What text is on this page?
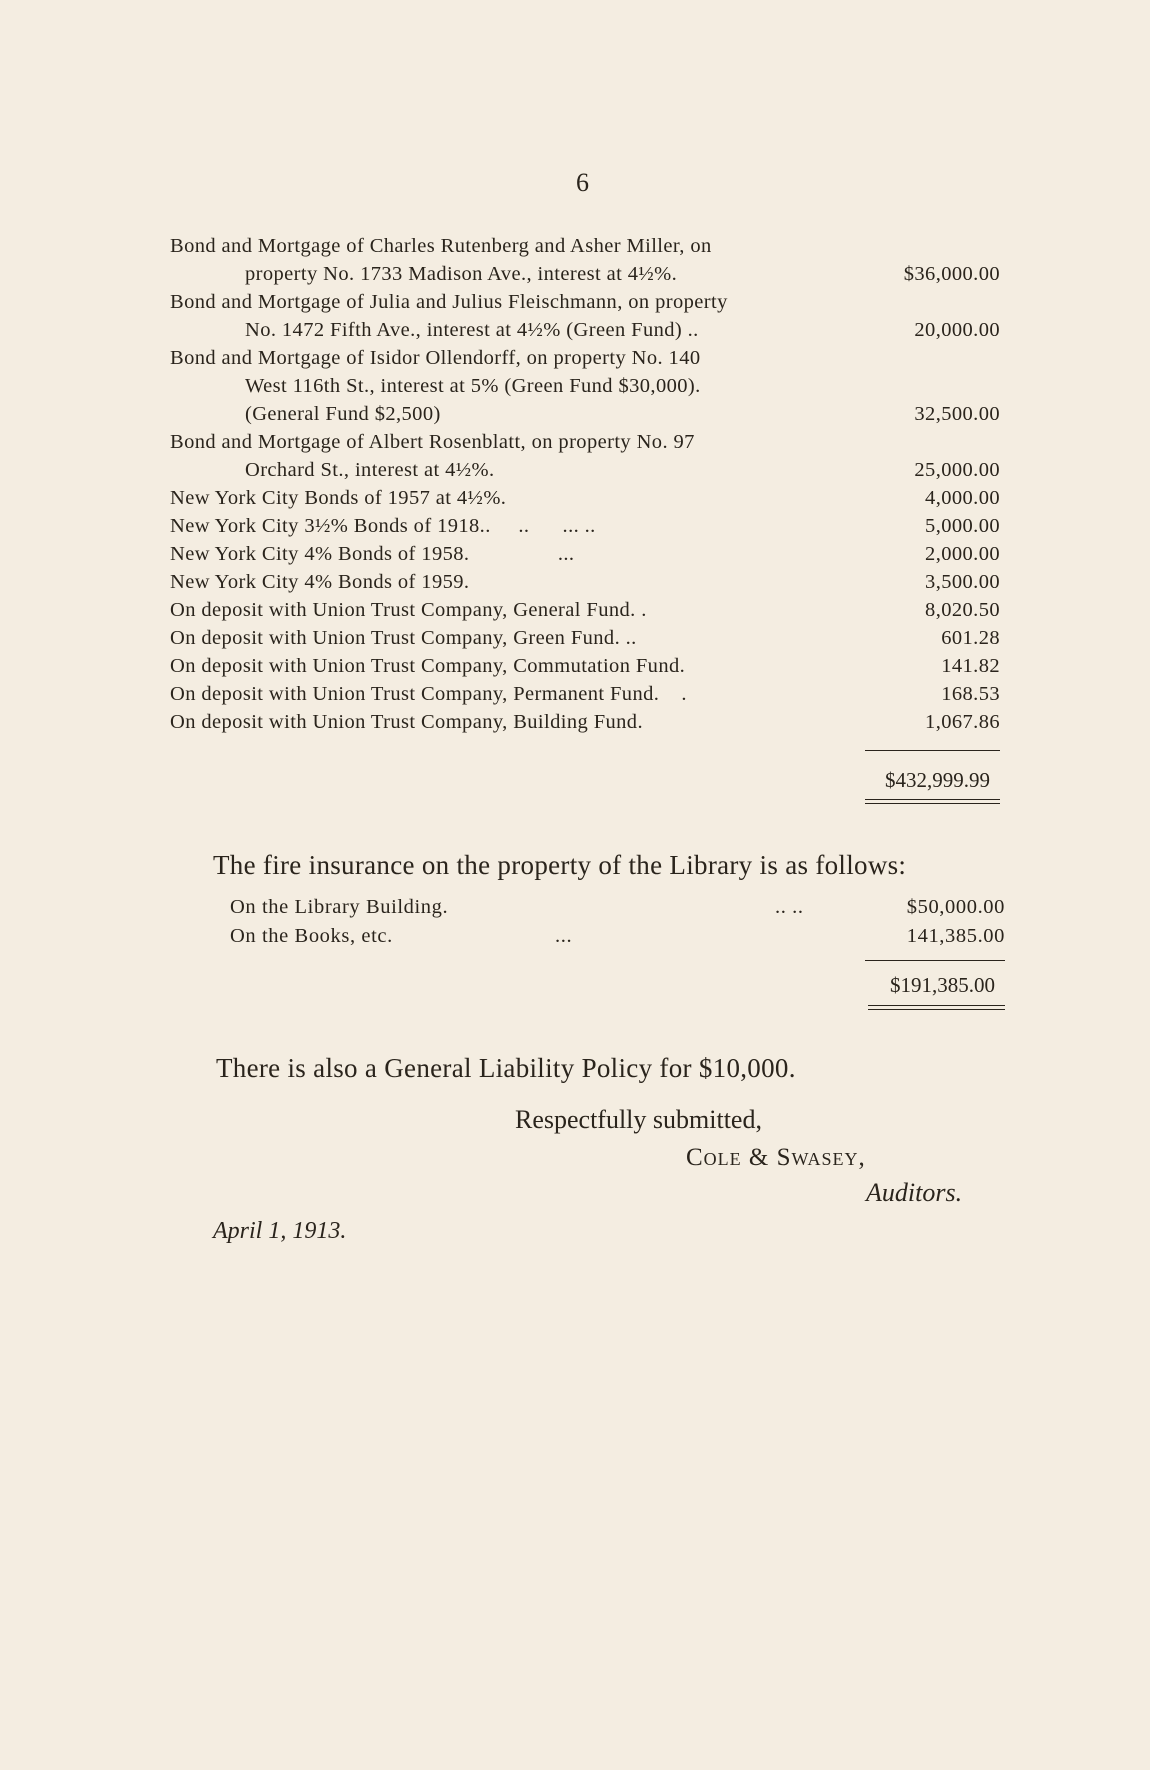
6
Bond and Mortgage of Charles Rutenberg and Asher Miller, on
property No. 1733 Madison Ave., interest at 4½%.	$36,000.00
Bond and Mortgage of Julia and Julius Fleischmann, on property
No. 1472 Fifth Ave., interest at 4½% (Green Fund) ..	20,000.00
Bond and Mortgage of Isidor Ollendorff, on property No. 140
West 116th St., interest at 5% (Green Fund $30,000).
(General Fund $2,500)	32,500.00
Bond and Mortgage of Albert Rosenblatt, on property No. 97
Orchard St., interest at 4½%.	25,000.00
New York City Bonds of 1957 at 4½%.	4,000.00
New York City 3½% Bonds of 1918..     ..      ... ..	5,000.00
New York City 4% Bonds of 1958.                ...	2,000.00
New York City 4% Bonds of 1959.	3,500.00
On deposit with Union Trust Company, General Fund. .	8,020.50
On deposit with Union Trust Company, Green Fund. ..	601.28
On deposit with Union Trust Company, Commutation Fund.	141.82
On deposit with Union Trust Company, Permanent Fund.    .	168.53
On deposit with Union Trust Company, Building Fund.	1,067.86
$432,999.99
The fire insurance on the property of the Library is as follows:
On the Library Building.	.. ..	$50,000.00
On the Books, etc.	...	141,385.00
$191,385.00
There is also a General Liability Policy for $10,000.
Respectfully submitted,
Cole & Swasey,
Auditors.
April 1, 1913.
